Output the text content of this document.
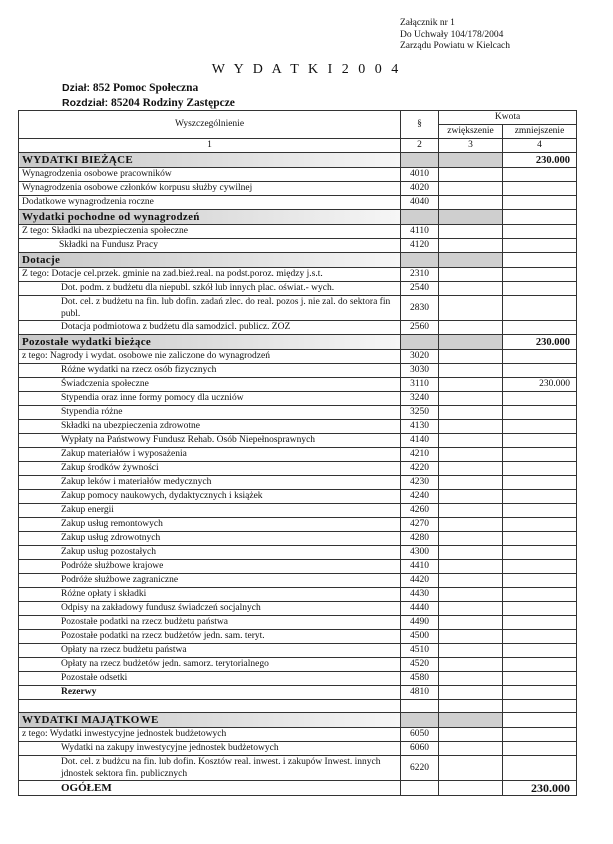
Załącznik nr 1
Do Uchwały 104/178/2004
Zarządu Powiatu w Kielcach
W Y D A T K I 2 0 0 4
Dział: 852 Pomoc Społeczna
Rozdział: 85204 Rodziny Zastępcze
Wyszczególnienie	§	Kwota	
		zwiększenie	zmniejszenie
1	2	3	4
WYDATKI BIEŻĄCE			230.000
Wynagrodzenia osobowe pracowników	4010		
Wynagrodzenia osobowe członków korpusu służby cywilnej	4020		
Dodatkowe wynagrodzenia roczne	4040		
Wydatki pochodne od wynagrodzeń			
Z tego: Składki na ubezpieczenia społeczne	4110		
Składki na Fundusz Pracy	4120		
Dotacje			
Z tego: Dotacje cel.przek. gminie na zad.bież.real. na podst.poroz. między j.s.t.	2310		
Dot. podm. z budżetu dla niepubl. szkół lub innych plac. oświat.- wych.	2540		
Dot. cel. z budżetu na fin. lub dofin. zadań zlec. do real. pozos j. nie zal. do sektora fin publ.	2830		
Dotacja podmiotowa z budżetu dla samodzicl. publicz. ZOZ	2560		
Pozostałe wydatki bieżące			230.000
z tego: Nagrody i wydat. osobowe nie zaliczone do wynagrodzeń	3020		
Różne wydatki na rzecz osób fizycznych	3030		
Świadczenia społeczne	3110		230.000
Stypendia oraz inne formy pomocy dla uczniów	3240		
Stypendia różne	3250		
Składki na ubezpieczenia zdrowotne	4130		
Wypłaty na Państwowy Fundusz Rehab. Osób Niepełnosprawnych	4140		
Zakup materiałów i wyposażenia	4210		
Zakup środków żywności	4220		
Zakup leków i materiałów medycznych	4230		
Zakup pomocy naukowych, dydaktycznych i książek	4240		
Zakup energii	4260		
Zakup usług remontowych	4270		
Zakup usług zdrowotnych	4280		
Zakup usług pozostałych	4300		
Podróże służbowe krajowe	4410		
Podróże służbowe zagraniczne	4420		
Różne opłaty i składki	4430		
Odpisy na zakładowy fundusz świadczeń socjalnych	4440		
Pozostałe podatki na rzecz budżetu państwa	4490		
Pozostałe podatki na rzecz budżetów jedn. sam. teryt.	4500		
Opłaty na rzecz budżetu państwa	4510		
Opłaty na rzecz budżetów jedn. samorz. terytorialnego	4520		
Pozostałe odsetki	4580		
Rezerwy	4810		

WYDATKI MAJĄTKOWE			
z tego: Wydatki inwestycyjne jednostek budżetowych	6050		
Wydatki na zakupy inwestycyjne jednostek budżetowych	6060		
Dot. cel. z budżcu na fin. lub dofin. Kosztów real. inwest. i zakupów Inwest. innych jdnostek sektora fin. publicznych	6220		
OGÓŁEM			230.000
